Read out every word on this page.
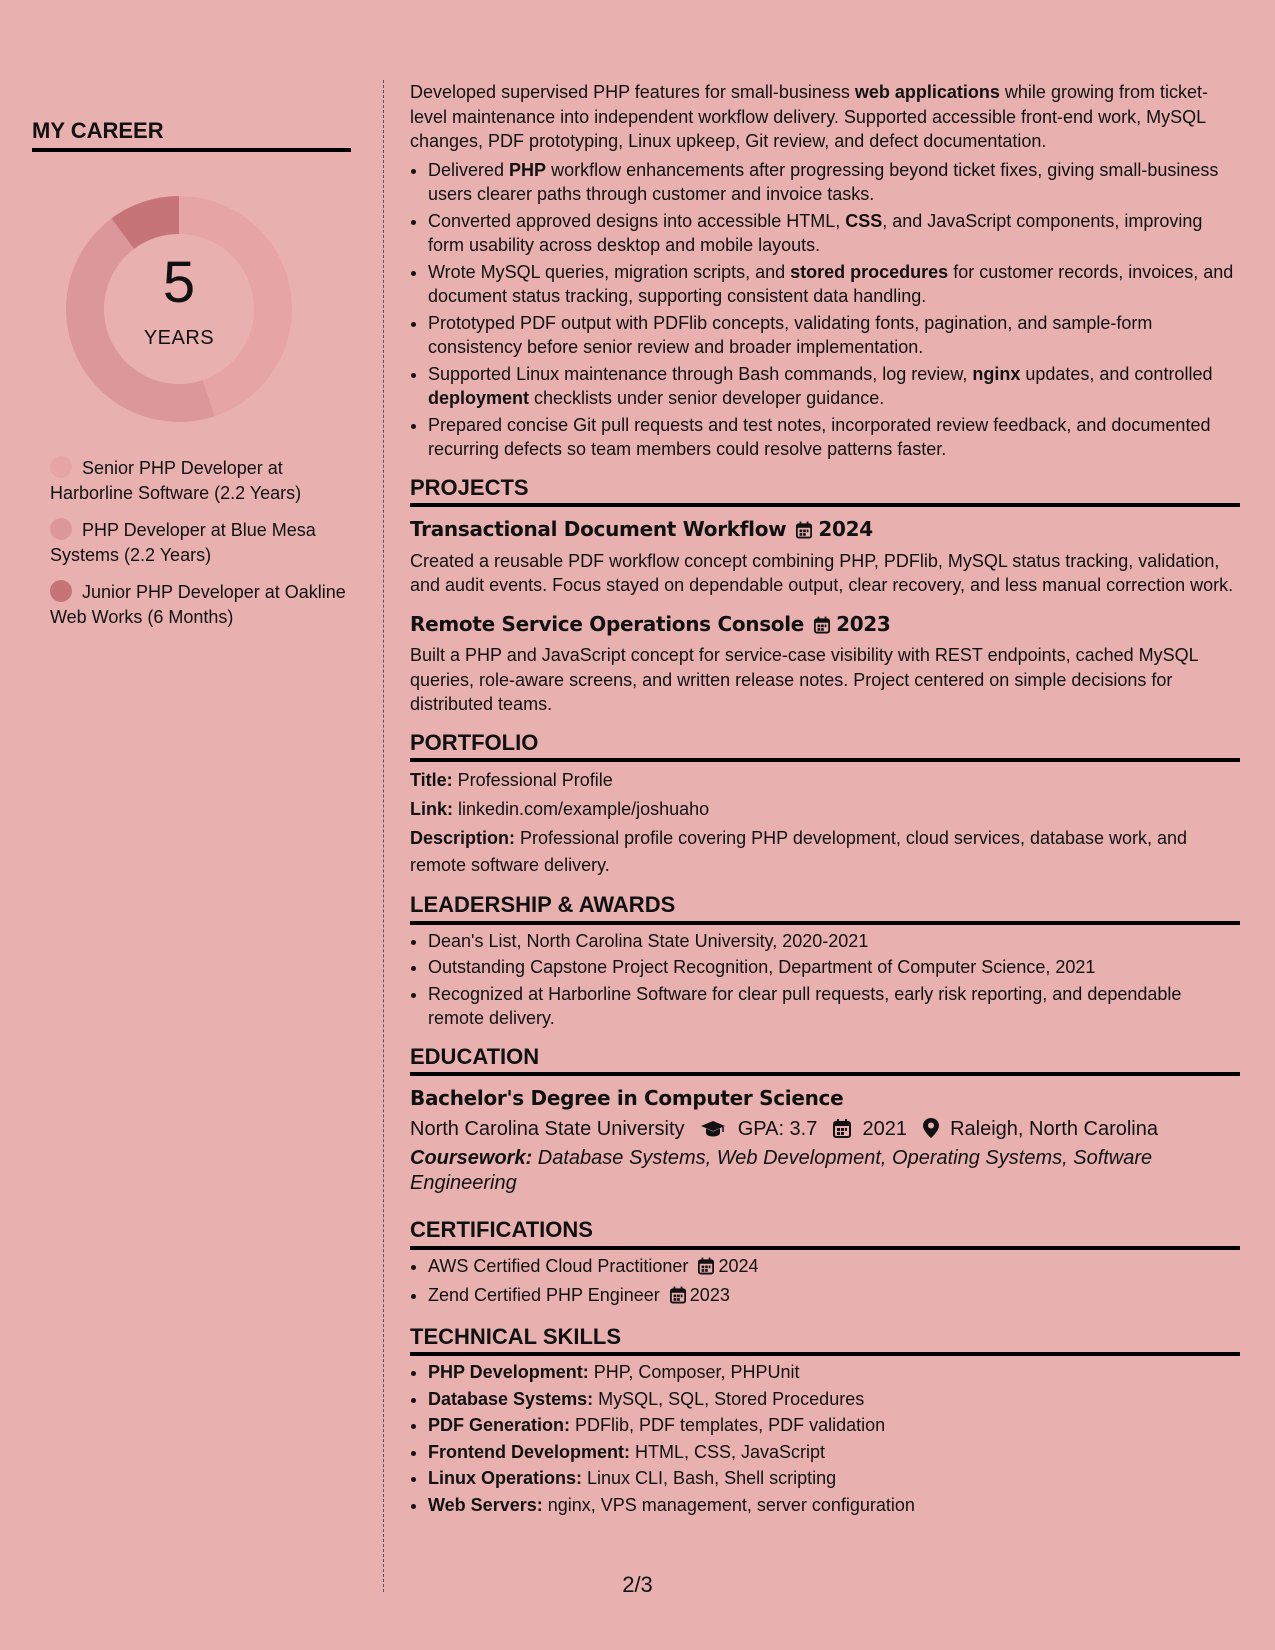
MY CAREER
5
YEARS
Senior PHP Developer at Harborline Software (2.2 Years)
PHP Developer at Blue Mesa Systems (2.2 Years)
Junior PHP Developer at Oakline Web Works (6 Months)

Developed supervised PHP features for small-business web applications while growing from ticket-level maintenance into independent workflow delivery. Supported accessible front-end work, MySQL changes, PDF prototyping, Linux upkeep, Git review, and defect documentation.

• Delivered PHP workflow enhancements after progressing beyond ticket fixes, giving small-business users clearer paths through customer and invoice tasks.
• Converted approved designs into accessible HTML, CSS, and JavaScript components, improving form usability across desktop and mobile layouts.
• Wrote MySQL queries, migration scripts, and stored procedures for customer records, invoices, and document status tracking, supporting consistent data handling.
• Prototyped PDF output with PDFlib concepts, validating fonts, pagination, and sample-form consistency before senior review and broader implementation.
• Supported Linux maintenance through Bash commands, log review, nginx updates, and controlled deployment checklists under senior developer guidance.
• Prepared concise Git pull requests and test notes, incorporated review feedback, and documented recurring defects so team members could resolve patterns faster.
PROJECTS
Transactional Document Workflow 2024
Created a reusable PDF workflow concept combining PHP, PDFlib, MySQL status tracking, validation, and audit events. Focus stayed on dependable output, clear recovery, and less manual correction work.
Remote Service Operations Console 2023
Built a PHP and JavaScript concept for service-case visibility with REST endpoints, cached MySQL queries, role-aware screens, and written release notes. Project centered on simple decisions for distributed teams.
PORTFOLIO
Title: Professional Profile
Link: linkedin.com/example/joshuaho
Description: Professional profile covering PHP development, cloud services, database work, and remote software delivery.
LEADERSHIP & AWARDS
• Dean's List, North Carolina State University, 2020-2021
• Outstanding Capstone Project Recognition, Department of Computer Science, 2021
• Recognized at Harborline Software for clear pull requests, early risk reporting, and dependable remote delivery.
EDUCATION
Bachelor's Degree in Computer Science
North Carolina State University	GPA: 3.7 2021 Raleigh, North Carolina
Coursework: Database Systems, Web Development, Operating Systems, Software Engineering
CERTIFICATIONS
• AWS Certified Cloud Practitioner 2024
• Zend Certified PHP Engineer 2023
TECHNICAL SKILLS
• PHP Development: PHP, Composer, PHPUnit
• Database Systems: MySQL, SQL, Stored Procedures
• PDF Generation: PDFlib, PDF templates, PDF validation
• Frontend Development: HTML, CSS, JavaScript
• Linux Operations: Linux CLI, Bash, Shell scripting
• Web Servers: nginx, VPS management, server configuration
2/3
